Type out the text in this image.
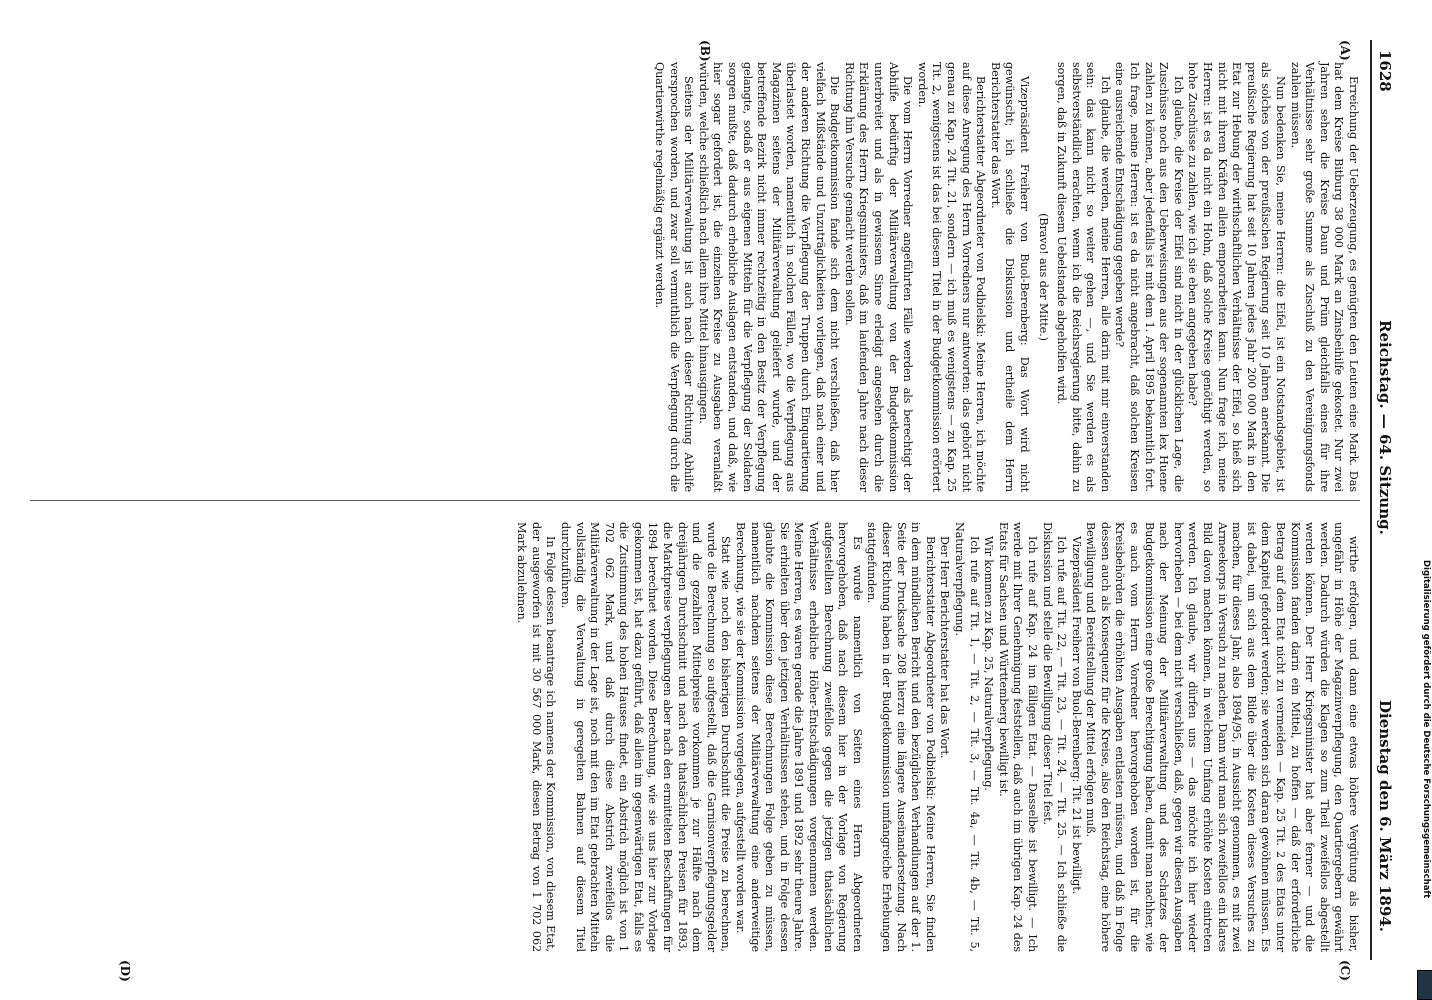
1628
Reichstag. — 64. Sitzung.
Dienstag den 6. März 1894.
(A)
(B)
(C)
(D)

Erreichung der Ueberzeugung, es genügten den Leuten eine Mark. Das hat dem Kreise Bitburg 38 000 Mark an Zinsbeihilfe gekostet. Nur zwei Jahren sehen die Kreise Daun und Prüm gleichfalls eines für ihre Verhältnisse sehr große Summe als Zuschuß zu den Vereinigungsfonds zahlen müssen.

Nun bedenken Sie, meine Herren: die Eifel, ist ein Notstandsgebiet, ist als solches von der preußischen Regierung seit 10 Jahren anerkannt. Die preußische Regierung hat seit 10 Jahren jedes Jahr 200 000 Mark in den Etat zur Hebung der wirthschaftlichen Verhältnisse der Eifel, so hieß sich nicht mit ihrem Kräften allein emporarbeiten kann. Nun frage ich, meine Herren: ist es da nicht ein Hohn, daß solche Kreise genöthigt werden, so hohe Zuschüsse zu zahlen, wie ich sie eben angegeben habe?

Ich glaube, die Kreise der Eifel sind nicht in der glücklichen Lage, die Zuschüsse noch aus den Ueberweisungen aus der sogenannten lex Huene zahlen zu können, aber jedenfalls ist mit dem 1. April 1895 bekanntlich fort. Ich frage, meine Herren: ist es da nicht angebracht, daß solchen Kreisen eine ausreichende Entschädigung gegeben werde?

Ich glaube, die werden, meine Herren, alle darin mit mir einverstanden sein: das kann nicht so weiter gehen —, und Sie werden es als selbstverständlich erachten, wenn ich die Reichsregierung bitte, dahin zu sorgen, daß in Zukunft diesem Uebelstande abgeholfen wird.

(Bravo! aus der Mitte.)

Vizepräsident Freiherr von Buol-Berenberg: Das Wort wird nicht gewünscht; ich schließe die Diskussion und ertheile dem Herrn Berichterstatter das Wort.

Berichterstatter Abgeordneter von Podbielski: Meine Herren, ich möchte auf diese Anregung des Herrn Vorredners nur antworten: das gehört nicht genau zu Kap. 24 Tit. 21, sondern — ich muß es wenigstens — zu Kap. 25 Tit. 2, wenigstens ist das bei diesem Titel in der Budgetkommission erörtert worden.

Die vom Herrn Vorredner angeführten Fälle werden als berechtigt der Abhilfe bedürftig der Militärverwaltung von der Budgetkommission unterbreitet und als in gewissem Sinne erledigt angesehen durch die Erklärung des Herrn Kriegsministers, daß im laufenden Jahre nach dieser Richtung hin Versuche gemacht werden sollen.

Die Budgetkommission fande sich dem nicht verschließen, daß hier vielfach Mißstände und Unzuträglichkeiten vorliegen, daß nach einer und der anderen Richtung die Verpflegung der Truppen durch Einquartierung überlastet worden, namentlich in solchen Fällen, wo die Verpflegung aus Magazinen seitens der Militärverwaltung geliefert wurde, und der betreffende Bezirk nicht immer rechtzeitig in den Besitz der Verpflegung gelangte, sodaß er aus eigenen Mitteln für die Verpflegung der Soldaten sorgen mußte, daß dadurch erhebliche Auslagen entstanden, und daß, wie hier sogar gefordert ist, die einzelnen Kreise zu Ausgaben veranlaßt würden, welche schließlich nach allem ihre Mittel hinausgingen.

Seitens der Militärverwaltung ist auch nach dieser Richtung Abhilfe versprochen worden, und zwar soll vermuthlich die Verpflegung durch die Quartierwirthe regelmäßig ergänzt werden.

wirthe erfolgen, und dann eine etwas höhere Vergütung als bisher, ungefähr in Höhe der Magazinverpflegung, den Quartiergebern gewährt werden. Dadurch würden die Klagen so zum Theil zweifellos abgestellt werden können. Der Herr Kriegsminister hat aber ferner — und die Kommission fanden darin ein Mittel, zu hoffen — daß der erforderliche Betrag auf dem Etat nicht zu vermeiden — Kap. 25 Tit. 2 des Etats unter dem Kapitel gefordert werden; sie werden sich daran gewöhnen müssen. Es ist dabei, um sich aus dem Bilde über die Kosten dieses Versuches zu machen, für dieses Jahr, also 1894/95, in Aussicht genommen, es mit zwei Armeekorps in Versuch zu machen. Dann wird man sich zweifellos ein klares Bild davon machen können, in welchem Umfang erhöhte Kosten eintreten werden. Ich glaube, wir dürfen uns — das möchte ich hier wieder hervorheben — bei dem nicht verschließen, daß, gegen wir diesen Ausgaben nach der Meinung der Militärverwaltung und des Schatzes der Budgetkommission eine große Berechtigung haben, damit man nachher, wie es auch vom Herrn Vorredner hervorgehoben worden ist, für die Kreisbehörden die erhöhten Ausgaben entlasten müssen, und daß in Folge dessen auch als Konsequenz für die Kreise, also den Reichstag, eine höhere Bewilligung und Bereitstellung der Mittel erfolgen muß.

Vizepräsident Freiherr von Buol-Berenberg: Tit. 21 ist bewilligt.

Ich rufe auf Tit. 22, — Tit. 23, — Tit. 24, — Tit. 25. — Ich schließe die Diskussion und stelle die Bewilligung dieser Titel fest.

Ich rufe auf Kap. 24 im fälligen Etat. — Dasselbe ist bewilligt. — Ich werde mit Ihrer Genehmigung feststellen, daß auch im übrigen Kap. 24 des Etats für Sachsen und Württemberg bewilligt ist.

Wir kommen zu Kap. 25, Naturalverpflegung.

Ich rufe auf Tit. 1, — Tit. 2, — Tit. 3, — Tit. 4a, — Tit. 4b, — Tit. 5, Naturalverpflegung.

Der Herr Berichterstatter hat das Wort.

Berichterstatter Abgeordneter von Podbielski: Meine Herren, Sie finden in dem mündlichen Bericht und den bezüglichen Verhandlungen auf der 1. Seite der Drucksache 208 hierzu eine längere Auseinandersetzung. Nach dieser Richtung haben in der Budgetkommission umfangreiche Erhebungen stattgefunden.

Es wurde namentlich von Seiten eines Herrn Abgeordneten hervorgehoben, daß nach diesem hier in der Vorlage von Regierung aufgestellten Berechnung zweifellos gegen die jetzigen thatsächlichen Verhältnisse erhebliche Höher-Entschädigungen vorgenommen werden. Meine Herren, es waren gerade die Jahre 1891 und 1892 sehr theure Jahre. Sie erhielten über den jetzigen Verhältnissen stehen, und in Folge dessen glaubte die Kommission diese Berechnungen Folge geben zu müssen, namentlich nachdem seitens der Militärverwaltung eine anderweitige Berechnung, wie sie der Kommission vorgelegen, aufgestellt worden war.

Statt wie noch den bisherigen Durchschnitt die Preise zu berechnen, wurde die Berechnung so aufgestellt, daß die Garnisonverpflegungsgelder und die gezahlten Mittelpreise vorkommen je zur Hälfte nach dem dreijährigen Durchschnitt und nach den thatsächlichen Preisen für 1893, die Marktpreise verpflegungen aber nach den ermittelten Beschaffungen für 1894 berechnet worden. Diese Berechnung, wie sie uns hier zur Vorlage gekommen ist, hat dazu geführt, daß allein im gegenwärtigen Etat, falls es die Zustimmung des hohen Hauses findet, ein Abstrich möglich ist von 1 702 062 Mark, und daß durch diese Abstrich zweifellos die Militärverwaltung in der Lage ist, noch mit den im Etat gebrachten Mitteln vollständig die Verwaltung in geregelten Bahnen auf diesem Titel durchzuführen.

In Folge dessen beantrage ich namens der Kommission, von diesem Etat, der ausgeworfen ist mit 30 567 000 Mark, diesen Betrag von 1 702 062 Mark abzulehnen.	Digitalisierung gefördert durch die Deutsche Forschungsgemeinschaft
